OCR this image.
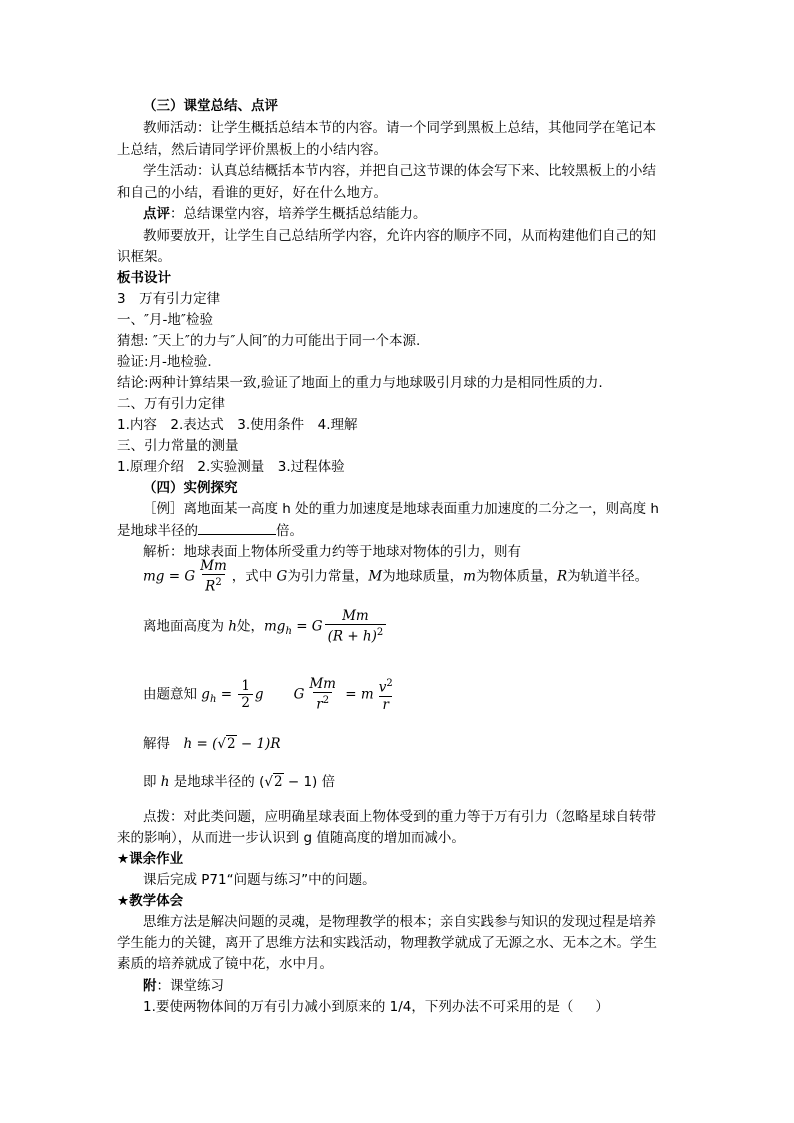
（三）课堂总结、点评
教师活动：让学生概括总结本节的内容。请一个同学到黑板上总结，其他同学在笔记本
上总结，然后请同学评价黑板上的小结内容。
学生活动：认真总结概括本节内容，并把自己这节课的体会写下来、比较黑板上的小结
和自己的小结，看谁的更好，好在什么地方。
点评：总结课堂内容，培养学生概括总结能力。
教师要放开，让学生自己总结所学内容，允许内容的顺序不同，从而构建他们自己的知
识框架。
板书设计
3　万有引力定律
一、″月-地″检验
猜想: ″天上″的力与″人间″的力可能出于同一个本源.
验证:月-地检验.
结论:两种计算结果一致,验证了地面上的重力与地球吸引月球的力是相同性质的力.
二、万有引力定律
1.内容　2.表达式　3.使用条件　4.理解
三、引力常量的测量
1.原理介绍　2.实验测量　3.过程体验
（四）实例探究
［例］离地面某一高度 h 处的重力加速度是地球表面重力加速度的二分之一，则高度 h
是地球半径的	倍。
解析：地球表面上物体所受重力约等于地球对物体的引力，则有
mg = G $\frac{Mm}{R^2}$ ，式中 G为引力常量，M为地球质量，m为物体质量，R为轨道半径。
离地面高度为 h处，$mg_h = G \frac{Mm}{(R + h)^2}$
由题意知 $g_h = \frac{1}{2}$ g G $\frac{Mm}{r^2} = m \frac{v^2}{r}$
解得　h = (√2 − 1)R
即 h 是地球半径的 (√2 − 1) 倍
点拨：对此类问题，应明确星球表面上物体受到的重力等于万有引力（忽略星球自转带
来的影响），从而进一步认识到 g 值随高度的增加而减小。
★课余作业
课后完成 P71“问题与练习”中的问题。
★教学体会
思维方法是解决问题的灵魂，是物理教学的根本；亲自实践参与知识的发现过程是培养
学生能力的关键，离开了思维方法和实践活动，物理教学就成了无源之水、无本之木。学生
素质的培养就成了镜中花，水中月。
附：课堂练习
1.要使两物体间的万有引力减小到原来的 1/4，下列办法不可采用的是（ ）
